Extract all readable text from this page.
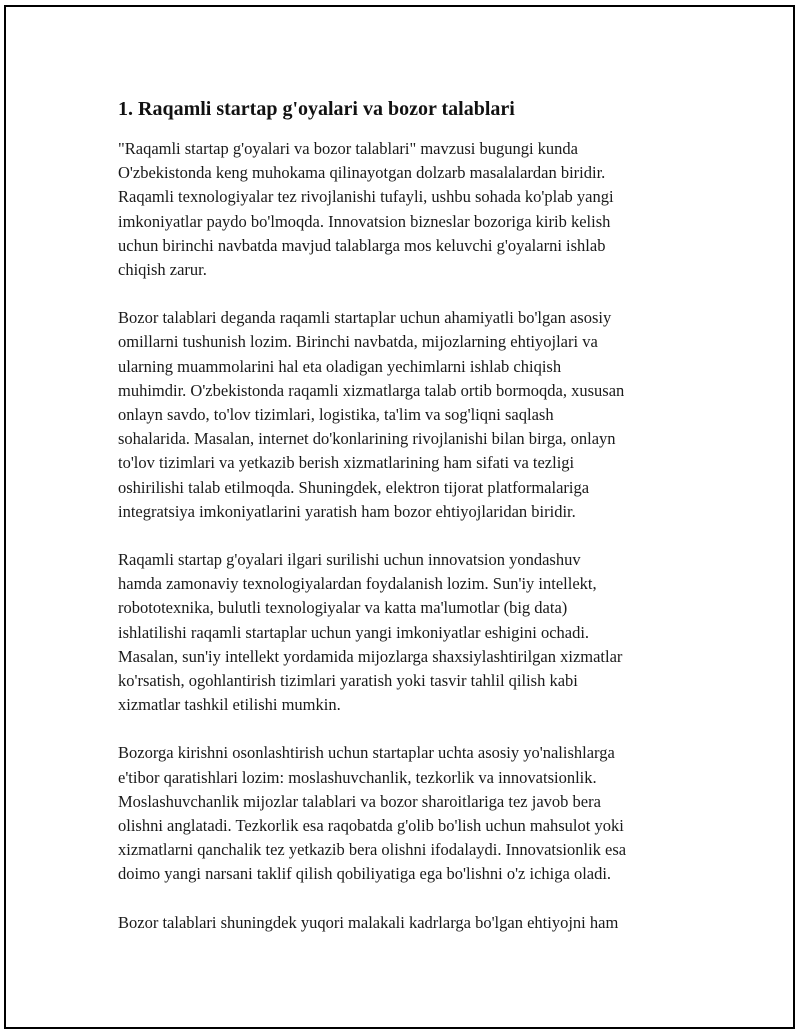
1. Raqamli startap g'oyalari va bozor talablari

"Raqamli startap g'oyalari va bozor talablari" mavzusi bugungi kunda
O'zbekistonda keng muhokama qilinayotgan dolzarb masalalardan biridir.
Raqamli texnologiyalar tez rivojlanishi tufayli, ushbu sohada ko'plab yangi
imkoniyatlar paydo bo'lmoqda. Innovatsion bizneslar bozoriga kirib kelish
uchun birinchi navbatda mavjud talablarga mos keluvchi g'oyalarni ishlab
chiqish zarur.

Bozor talablari deganda raqamli startaplar uchun ahamiyatli bo'lgan asosiy
omillarni tushunish lozim. Birinchi navbatda, mijozlarning ehtiyojlari va
ularning muammolarini hal eta oladigan yechimlarni ishlab chiqish
muhimdir. O'zbekistonda raqamli xizmatlarga talab ortib bormoqda, xususan
onlayn savdo, to'lov tizimlari, logistika, ta'lim va sog'liqni saqlash
sohalarida. Masalan, internet do'konlarining rivojlanishi bilan birga, onlayn
to'lov tizimlari va yetkazib berish xizmatlarining ham sifati va tezligi
oshirilishi talab etilmoqda. Shuningdek, elektron tijorat platformalariga
integratsiya imkoniyatlarini yaratish ham bozor ehtiyojlaridan biridir.

Raqamli startap g'oyalari ilgari surilishi uchun innovatsion yondashuv
hamda zamonaviy texnologiyalardan foydalanish lozim. Sun'iy intellekt,
robototexnika, bulutli texnologiyalar va katta ma'lumotlar (big data)
ishlatilishi raqamli startaplar uchun yangi imkoniyatlar eshigini ochadi.
Masalan, sun'iy intellekt yordamida mijozlarga shaxsiylashtirilgan xizmatlar
ko'rsatish, ogohlantirish tizimlari yaratish yoki tasvir tahlil qilish kabi
xizmatlar tashkil etilishi mumkin.

Bozorga kirishni osonlashtirish uchun startaplar uchta asosiy yo'nalishlarga
e'tibor qaratishlari lozim: moslashuvchanlik, tezkorlik va innovatsionlik.
Moslashuvchanlik mijozlar talablari va bozor sharoitlariga tez javob bera
olishni anglatadi. Tezkorlik esa raqobatda g'olib bo'lish uchun mahsulot yoki
xizmatlarni qanchalik tez yetkazib bera olishni ifodalaydi. Innovatsionlik esa
doimo yangi narsani taklif qilish qobiliyatiga ega bo'lishni o'z ichiga oladi.

Bozor talablari shuningdek yuqori malakali kadrlarga bo'lgan ehtiyojni ham
